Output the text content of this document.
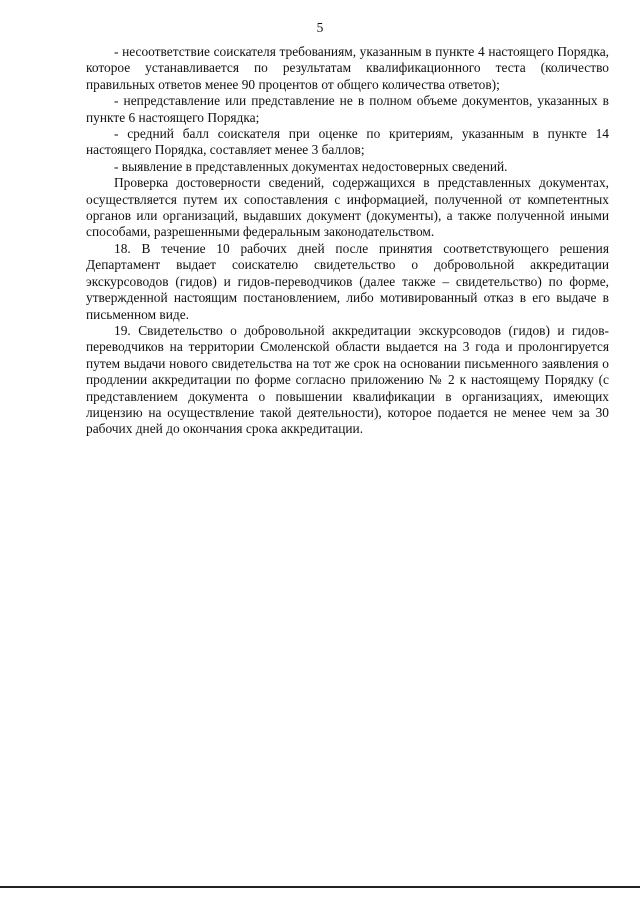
5

- несоответствие соискателя требованиям, указанным в пункте 4 настоящего Порядка, которое устанавливается по результатам квалификационного теста (количество правильных ответов менее 90 процентов от общего количества ответов);

- непредставление или представление не в полном объеме документов, указанных в пункте 6 настоящего Порядка;

- средний балл соискателя при оценке по критериям, указанным в пункте 14 настоящего Порядка, составляет менее 3 баллов;

- выявление в представленных документах недостоверных сведений.

Проверка достоверности сведений, содержащихся в представленных документах, осуществляется путем их сопоставления с информацией, полученной от компетентных органов или организаций, выдавших документ (документы), а также полученной иными способами, разрешенными федеральным законодательством.

18. В течение 10 рабочих дней после принятия соответствующего решения Департамент выдает соискателю свидетельство о добровольной аккредитации экскурсоводов (гидов) и гидов-переводчиков (далее также – свидетельство) по форме, утвержденной настоящим постановлением, либо мотивированный отказ в его выдаче в письменном виде.

19. Свидетельство о добровольной аккредитации экскурсоводов (гидов) и гидов-переводчиков на территории Смоленской области выдается на 3 года и пролонгируется путем выдачи нового свидетельства на тот же срок на основании письменного заявления о продлении аккредитации по форме согласно приложению № 2 к настоящему Порядку (с представлением документа о повышении квалификации в организациях, имеющих лицензию на осуществление такой деятельности), которое подается не менее чем за 30 рабочих дней до окончания срока аккредитации.
